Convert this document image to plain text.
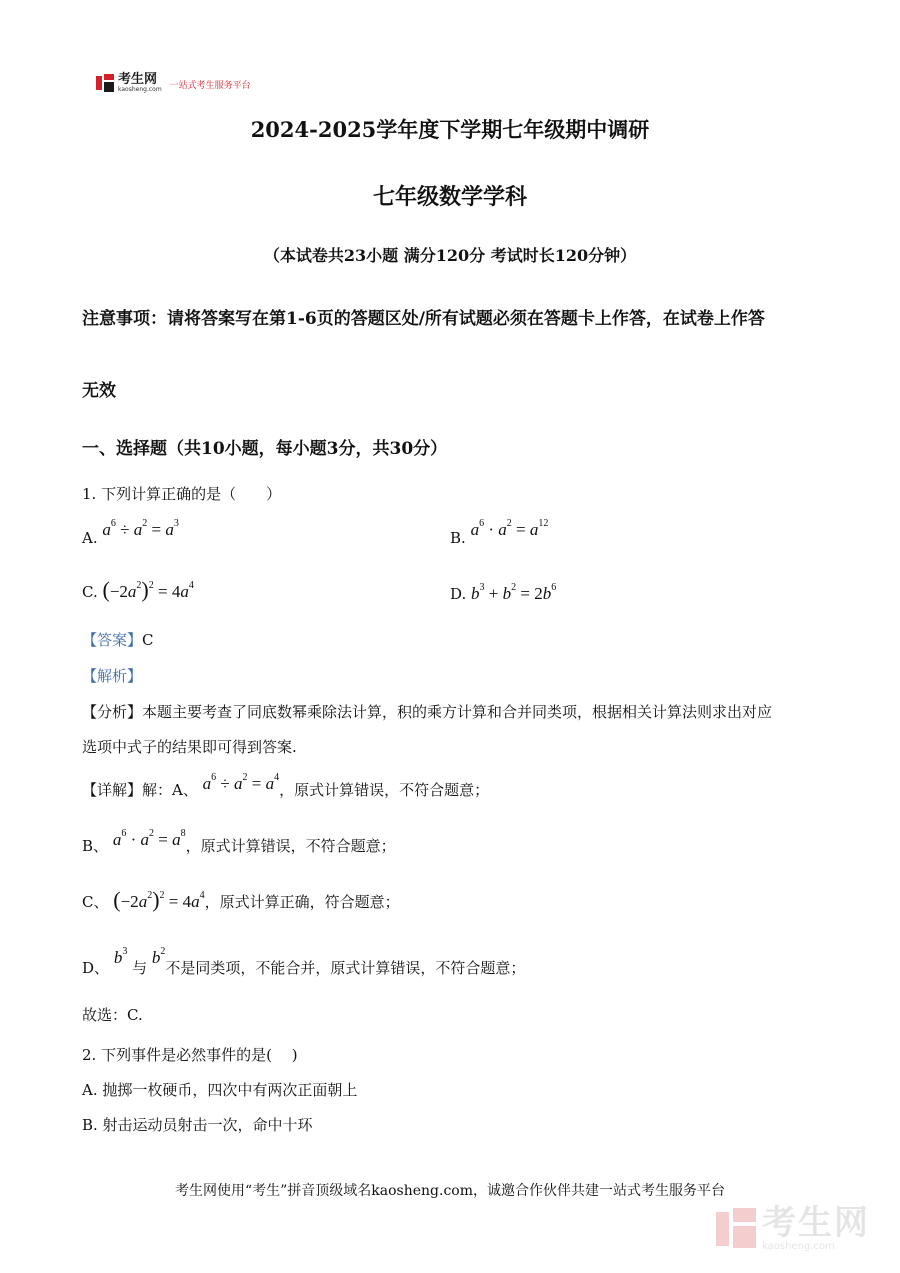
考生网
kaosheng.com 一站式考生服务平台
2024-2025学年度下学期七年级期中调研
七年级数学学科
（本试卷共23小题 满分120分 考试时长120分钟）
注意事项：请将答案写在第1-6页的答题区处/所有试题必须在答题卡上作答，在试卷上作答
无效
一、选择题（共10小题，每小题3分，共30分）
1. 下列计算正确的是（　　）
A. $a^6 \div a^2 = a^3$
B. $a^6 \cdot a^2 = a^{12}$
C. $(-2a^2)^2 = 4a^4$	D. $b^3 + b^2 = 2b^6$
【答案】C
【解析】
【分析】本题主要考查了同底数幂乘除法计算，积的乘方计算和合并同类项，根据相关计算法则求出对应
选项中式子的结果即可得到答案.
【详解】解：A、 $a^6 \div a^2 = a^4$，原式计算错误，不符合题意；
B、 $a^6 \cdot a^2 = a^8$，原式计算错误，不符合题意；
C、 $(-2a^2)^2 = 4a^4$，原式计算正确，符合题意；
D、 $b^3$ 与 $b^2$不是同类项，不能合并，原式计算错误，不符合题意；
故选：C.
2. 下列事件是必然事件的是(　 )
A. 抛掷一枚硬币，四次中有两次正面朝上
B. 射击运动员射击一次，命中十环
考生网使用“考生”拼音顶级域名kaosheng.com，诚邀合作伙伴共建一站式考生服务平台
考生网
kaosheng.com
